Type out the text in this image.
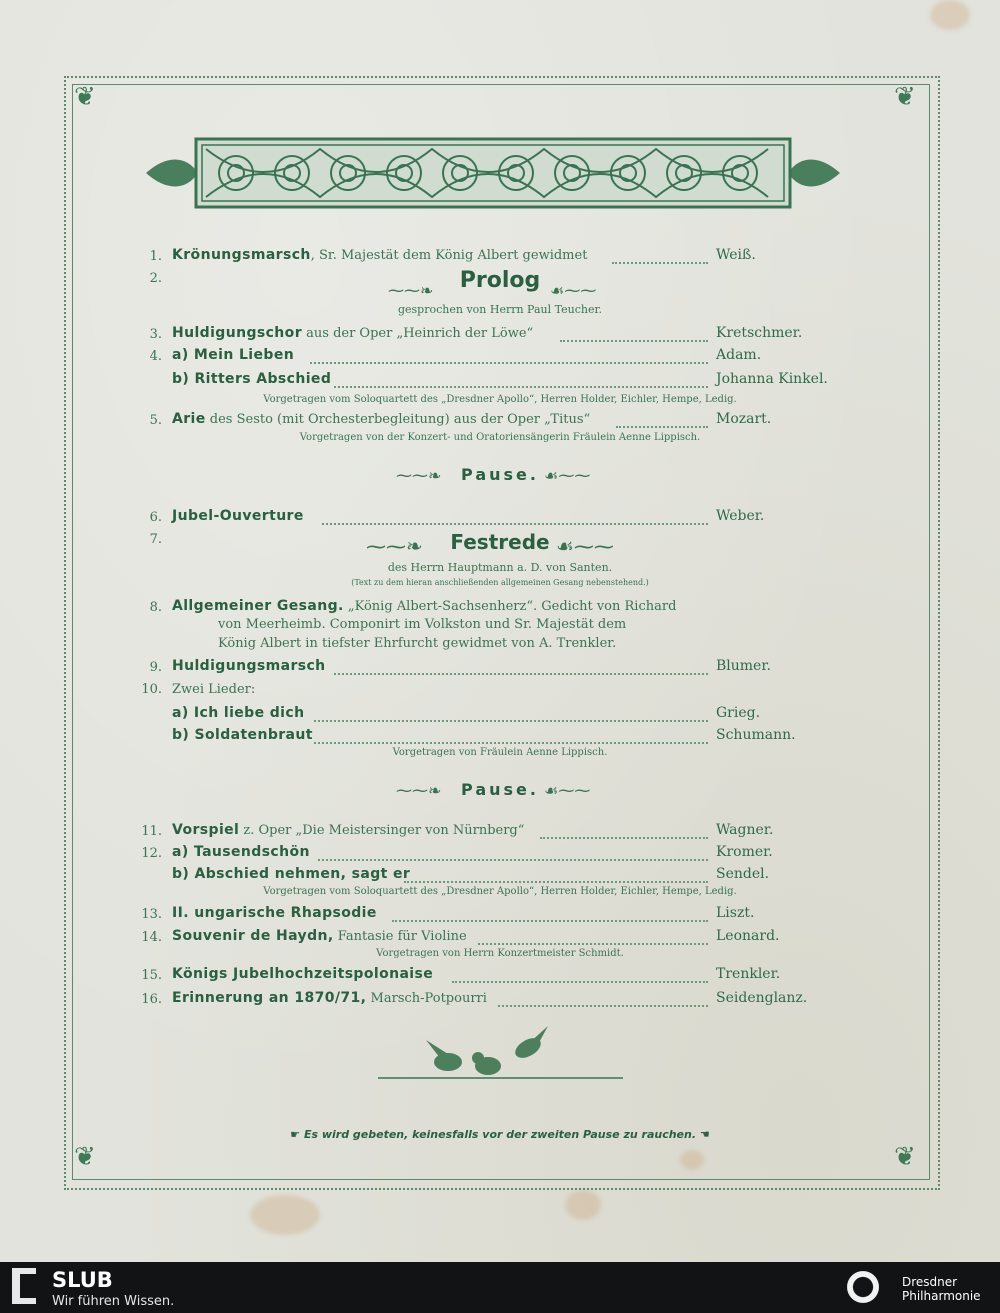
❦	❦
❦	❦
1. Krönungsmarsch, Sr. Majestät dem König Albert gewidmet	Weiß.
2.
⁓⁓❧	Prolog ☙⁓⁓
gesprochen von Herrn Paul Teucher.
3. Huldigungschor aus der Oper „Heinrich der Löwe“	Kretschmer.
4. a) Mein Lieben	Adam.
b) Ritters Abschied	Johanna Kinkel.
Vorgetragen vom Soloquartett des „Dresdner Apollo“, Herren Holder, Eichler, Hempe, Ledig.
5. Arie des Sesto (mit Orchesterbegleitung) aus der Oper „Titus“	Mozart.
Vorgetragen von der Konzert- und Oratoriensängerin Fräulein Aenne Lippisch.
⁓⁓❧	Pause. ☙⁓⁓
6. Jubel-Ouverture	Weber.
7.	⁓⁓❧	Festrede ☙⁓⁓
des Herrn Hauptmann a. D. von Santen.
(Text zu dem hieran anschließenden allgemeinen Gesang nebenstehend.)
8. Allgemeiner Gesang. „König Albert-Sachsenherz“. Gedicht von Richard
von Meerheimb. Componirt im Volkston und Sr. Majestät dem
König Albert in tiefster Ehrfurcht gewidmet von A. Trenkler.
9. Huldigungsmarsch	Blumer.
10. Zwei Lieder:
a) Ich liebe dich	Grieg.
b) Soldatenbraut	Schumann.
Vorgetragen von Fräulein Aenne Lippisch.
⁓⁓❧	Pause. ☙⁓⁓
11. Vorspiel z. Oper „Die Meistersinger von Nürnberg“	Wagner.
12. a) Tausendschön	Kromer.
b) Abschied nehmen, sagt er	Sendel.
Vorgetragen vom Soloquartett des „Dresdner Apollo“, Herren Holder, Eichler, Hempe, Ledig.
13. II. ungarische Rhapsodie	Liszt.
14. Souvenir de Haydn, Fantasie für Violine	Leonard.
Vorgetragen von Herrn Konzertmeister Schmidt.
15. Königs Jubelhochzeitspolonaise	Trenkler.
16. Erinnerung an 1870/71, Marsch-Potpourri	Seidenglanz.
☛ Es wird gebeten, keinesfalls vor der zweiten Pause zu rauchen. ☚
SLUB
Wir führen Wissen.
Dresdner
Philharmonie
